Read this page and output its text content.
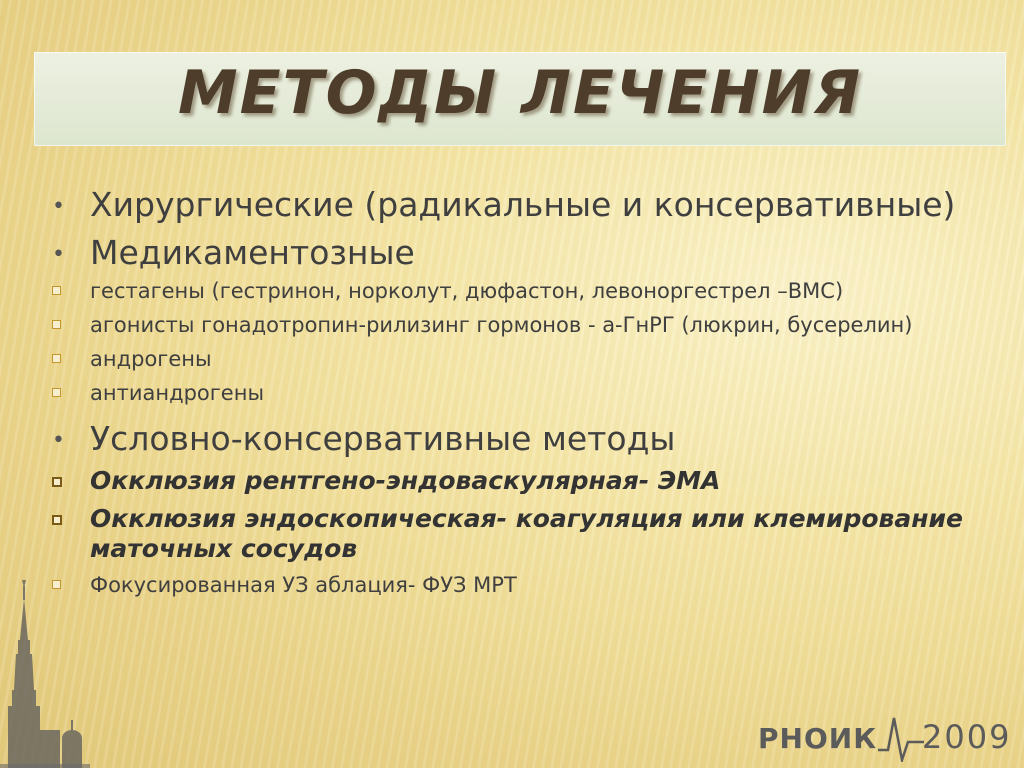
МЕТОДЫ ЛЕЧЕНИЯ
• Хирургические (радикальные и консервативные)
• Медикаментозные
гестагены (гестринон, норколут, дюфастон, левоноргестрел –ВМС)
агонисты гонадотропин-рилизинг гормонов - а-ГнРГ (люкрин, бусерелин)
андрогены
антиандрогены
• Условно-консервативные методы
Окклюзия рентгено-эндоваскулярная- ЭМА
Окклюзия эндоскопическая- коагуляция или клемирование маточных сосудов
Фокусированная УЗ аблация- ФУЗ МРТ
РНОИК 2009
